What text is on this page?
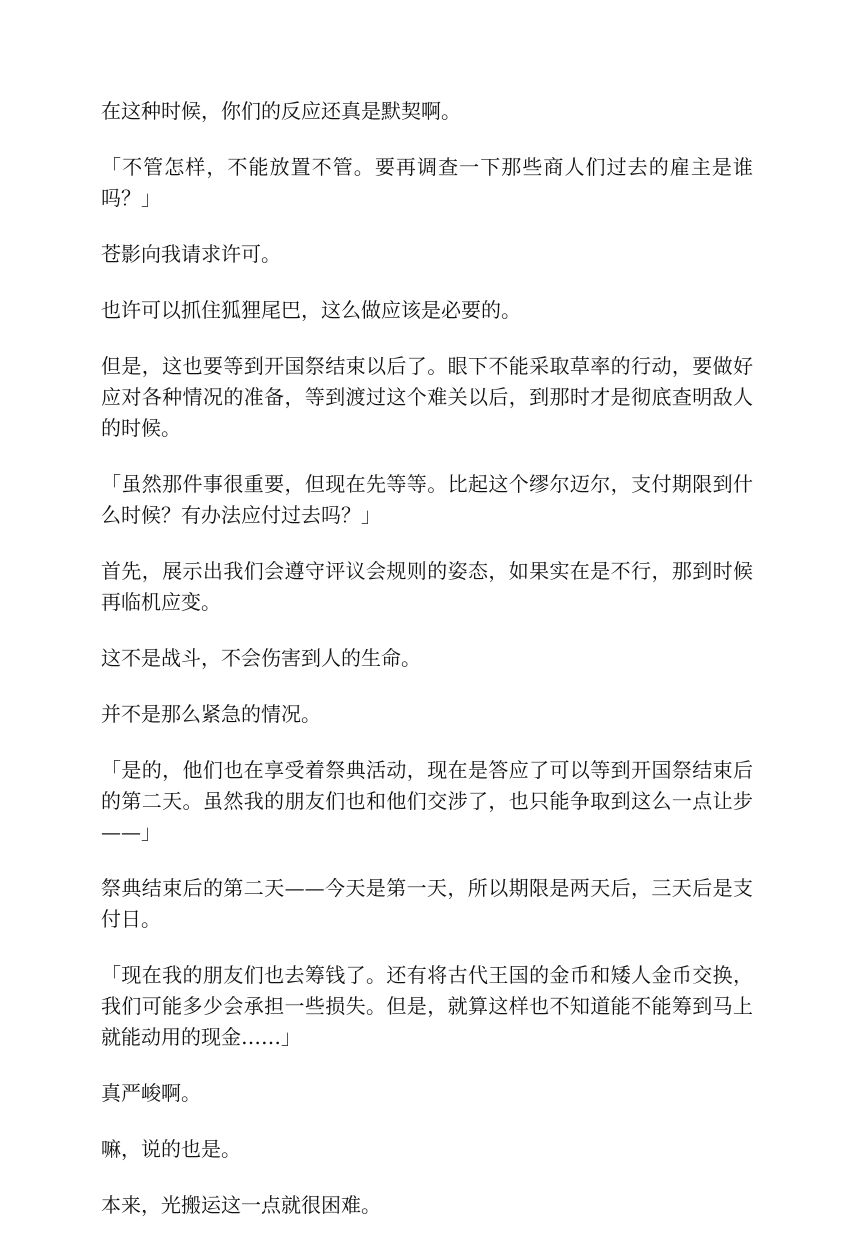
在这种时候，你们的反应还真是默契啊。

「不管怎样，不能放置不管。要再调查一下那些商人们过去的雇主是谁吗？」

苍影向我请求许可。

也许可以抓住狐狸尾巴，这么做应该是必要的。

但是，这也要等到开国祭结束以后了。眼下不能采取草率的行动，要做好应对各种情况的准备，等到渡过这个难关以后，到那时才是彻底查明敌人的时候。

「虽然那件事很重要，但现在先等等。比起这个缪尔迈尔，支付期限到什么时候？有办法应付过去吗？」

首先，展示出我们会遵守评议会规则的姿态，如果实在是不行，那到时候再临机应变。

这不是战斗，不会伤害到人的生命。

并不是那么紧急的情况。

「是的，他们也在享受着祭典活动，现在是答应了可以等到开国祭结束后的第二天。虽然我的朋友们也和他们交涉了，也只能争取到这么一点让步——」

祭典结束后的第二天——今天是第一天，所以期限是两天后，三天后是支付日。

「现在我的朋友们也去筹钱了。还有将古代王国的金币和矮人金币交换，我们可能多少会承担一些损失。但是，就算这样也不知道能不能筹到马上就能动用的现金……」

真严峻啊。

嘛，说的也是。

本来，光搬运这一点就很困难。
